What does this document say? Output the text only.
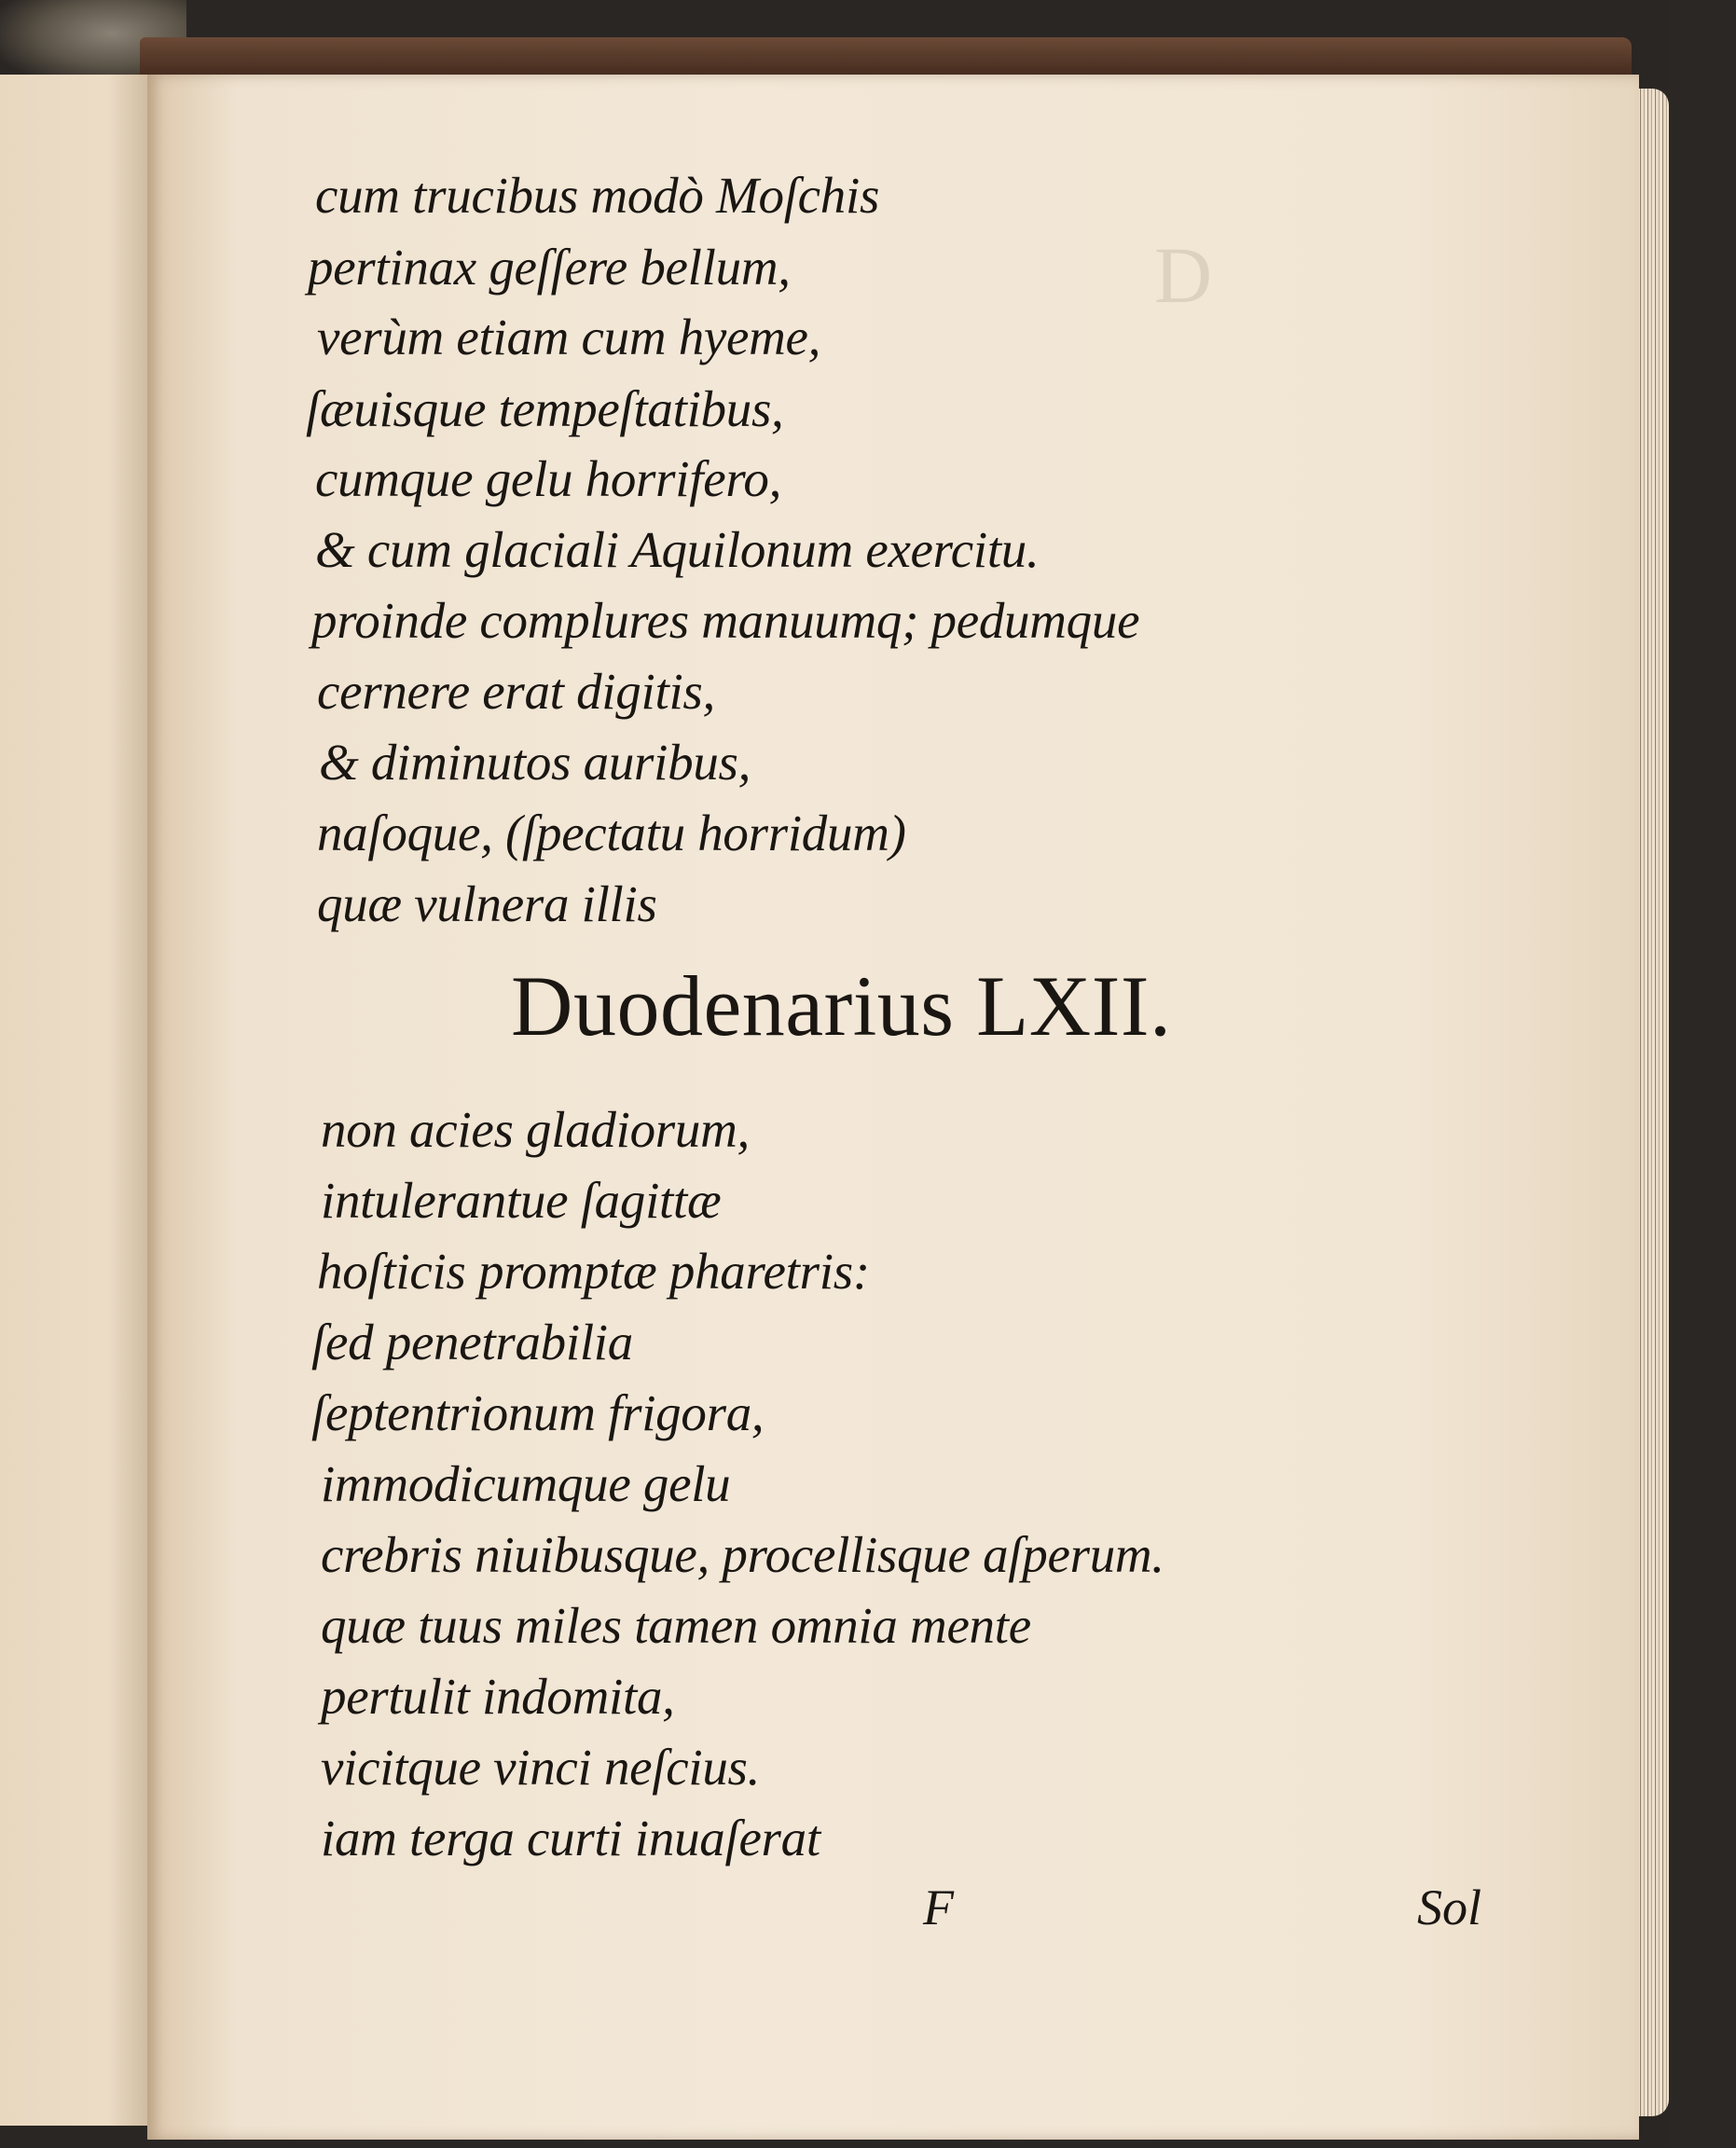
D

cum trucibus modò Moſchis

pertinax geſſere bellum,

verùm etiam cum hyeme,

ſæuisque tempeſtatibus,

cumque gelu horrifero,

& cum glaciali Aquilonum exercitu.

proinde complures manuumq; pedumque

cernere erat digitis,

& diminutos auribus,

naſoque, (ſpectatu horridum)

quæ vulnera illis

Duodenarius LXII.

non acies gladiorum,

intulerantue ſagittæ

hoſticis promptæ pharetris:

ſed penetrabilia

ſeptentrionum frigora,

immodicumque gelu

crebris niuibusque, procellisque aſperum.

quæ tuus miles tamen omnia mente

pertulit indomita,

vicitque vinci neſcius.

iam terga curti inuaſerat

F	Sol
